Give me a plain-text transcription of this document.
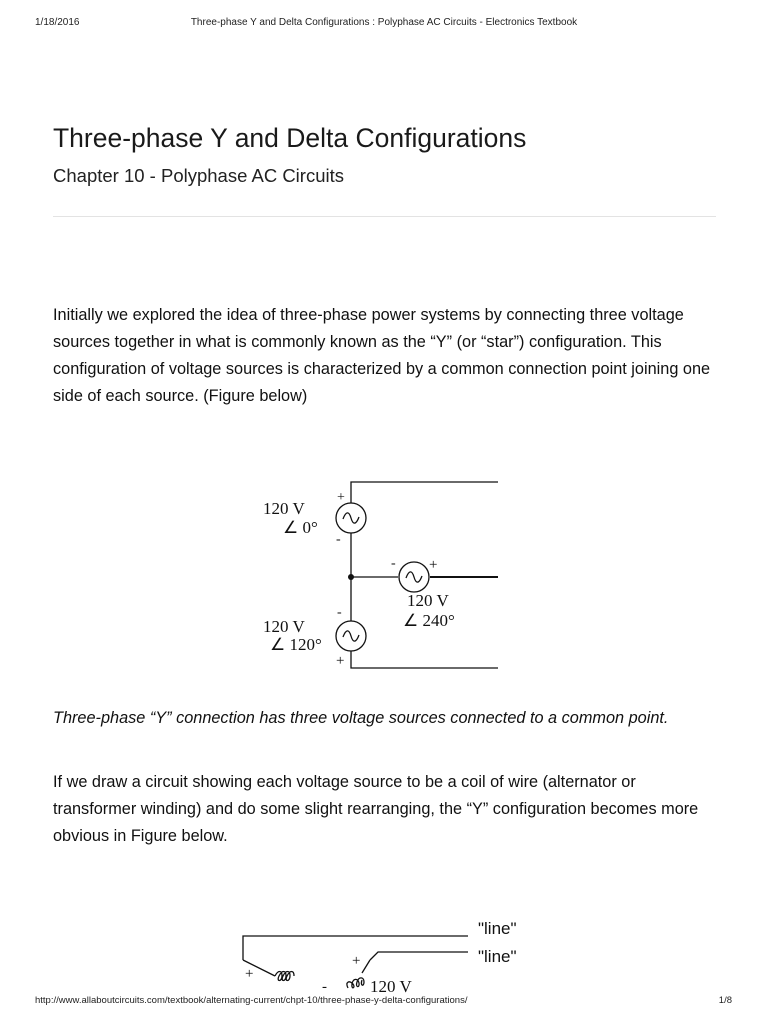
1/18/2016	Three-phase Y and Delta Configurations : Polyphase AC Circuits - Electronics Textbook
Three-phase Y and Delta Configurations
Chapter 10 - Polyphase AC Circuits

Initially we explored the idea of three-phase power systems by connecting three voltage sources together in what is commonly known as the “Y” (or “star”) configuration. This configuration of voltage sources is characterized by a common connection point joining one side of each source. (Figure below)

+
-
120 V
∠ 0°
- +
120 V
∠ 240°
-
120 V
∠ 120°
+

Three-phase “Y” connection has three voltage sources connected to a common point.

If we draw a circuit showing each voltage source to be a coil of wire (alternator or transformer winding) and do some slight rearranging, the “Y” configuration becomes more obvious in Figure below.

"line"
"line"
+
-
+
120 V
http://www.allaboutcircuits.com/textbook/alternating-current/chpt-10/three-phase-y-delta-configurations/	1/8
